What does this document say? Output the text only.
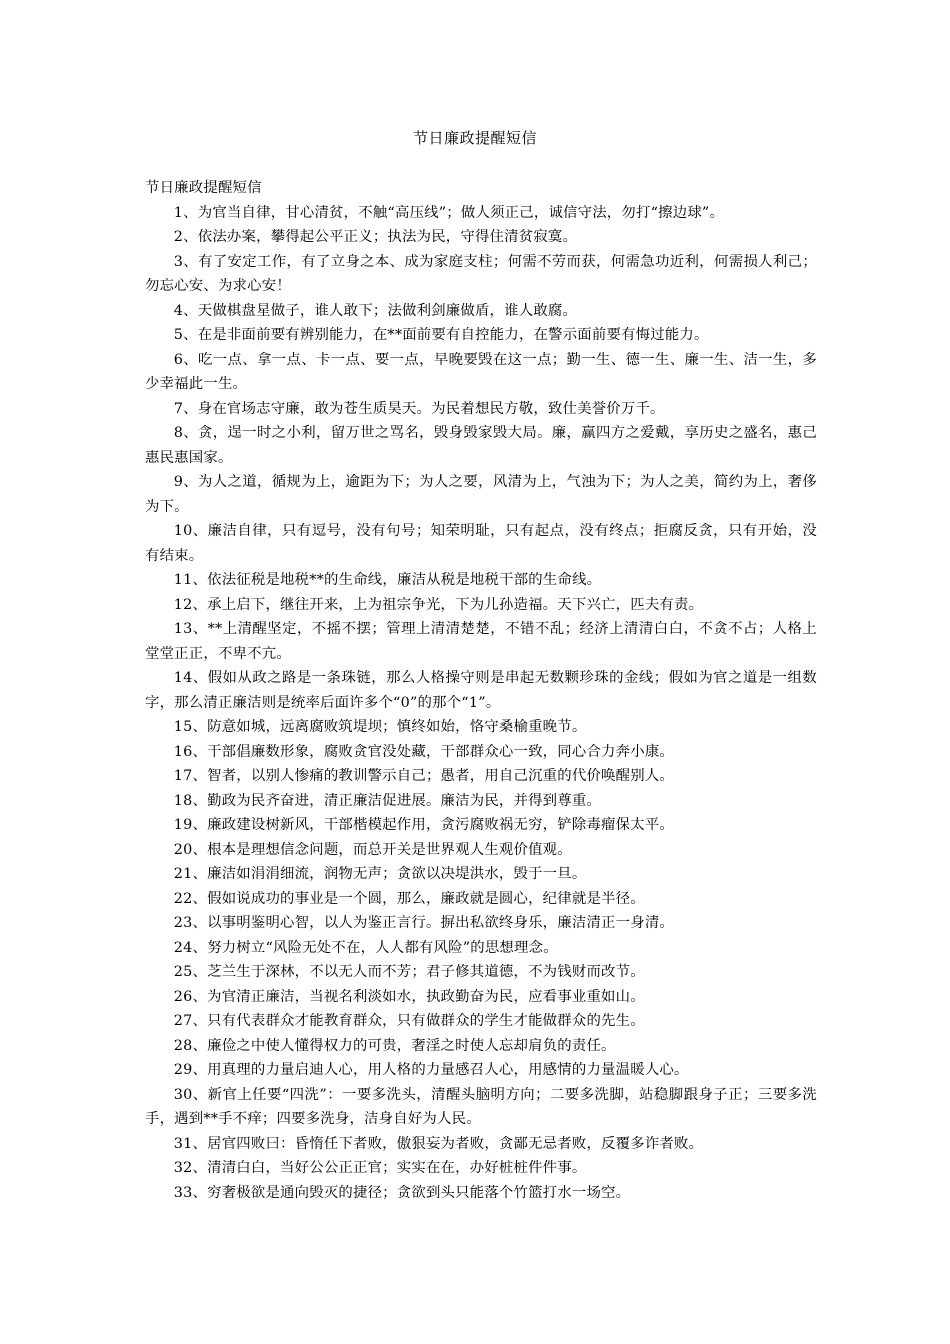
节日廉政提醒短信
节日廉政提醒短信
1、为官当自律，甘心清贫，不触“高压线”；做人须正己，诚信守法，勿打“擦边球”。
2、依法办案，攀得起公平正义；执法为民，守得住清贫寂寞。
3、有了安定工作，有了立身之本、成为家庭支柱；何需不劳而获，何需急功近利，何需损人利己；勿忘心安、为求心安！
4、天做棋盘星做子，谁人敢下；法做利剑廉做盾，谁人敢腐。
5、在是非面前要有辨别能力，在**面前要有自控能力，在警示面前要有悔过能力。
6、吃一点、拿一点、卡一点、要一点，早晚要毁在这一点；勤一生、德一生、廉一生、洁一生，多少幸福此一生。
7、身在官场志守廉，敢为苍生质昊天。为民着想民方敬，致仕美誉价万千。
8、贪，逞一时之小利，留万世之骂名，毁身毁家毁大局。廉，赢四方之爱戴，享历史之盛名，惠己惠民惠国家。
9、为人之道，循规为上，逾距为下；为人之要，风清为上，气浊为下；为人之美，简约为上，奢侈为下。
10、廉洁自律，只有逗号，没有句号；知荣明耻，只有起点，没有终点；拒腐反贪，只有开始，没有结束。
11、依法征税是地税**的生命线，廉洁从税是地税干部的生命线。
12、承上启下，继往开来，上为祖宗争光，下为儿孙造福。天下兴亡，匹夫有责。
13、**上清醒坚定，不摇不摆；管理上清清楚楚，不错不乱；经济上清清白白，不贪不占；人格上堂堂正正，不卑不亢。
14、假如从政之路是一条珠链，那么人格操守则是串起无数颗珍珠的金线；假如为官之道是一组数字，那么清正廉洁则是统率后面许多个“0”的那个“1”。
15、防意如城，远离腐败筑堤坝；慎终如始，恪守桑榆重晚节。
16、干部倡廉数形象，腐败贪官没处藏，干部群众心一致，同心合力奔小康。
17、智者，以别人惨痛的教训警示自己；愚者，用自己沉重的代价唤醒别人。
18、勤政为民齐奋进，清正廉洁促进展。廉洁为民，并得到尊重。
19、廉政建设树新风，干部楷模起作用，贪污腐败祸无穷，铲除毒瘤保太平。
20、根本是理想信念问题，而总开关是世界观人生观价值观。
21、廉洁如涓涓细流，润物无声；贪欲以决堤洪水，毁于一旦。
22、假如说成功的事业是一个圆，那么，廉政就是圆心，纪律就是半径。
23、以事明鉴明心智，以人为鉴正言行。摒出私欲终身乐，廉洁清正一身清。
24、努力树立“风险无处不在，人人都有风险”的思想理念。
25、芝兰生于深林，不以无人而不芳；君子修其道德，不为钱财而改节。
26、为官清正廉洁，当视名利淡如水，执政勤奋为民，应看事业重如山。
27、只有代表群众才能教育群众，只有做群众的学生才能做群众的先生。
28、廉俭之中使人懂得权力的可贵，奢淫之时使人忘却肩负的责任。
29、用真理的力量启迪人心，用人格的力量感召人心，用感情的力量温暖人心。
30、新官上任要“四洗”：一要多洗头，清醒头脑明方向；二要多洗脚，站稳脚跟身子正；三要多洗手，遇到**手不痒；四要多洗身，洁身自好为人民。
31、居官四败曰：昏惰任下者败，傲狠妄为者败，贪鄙无忌者败，反覆多诈者败。
32、清清白白，当好公公正正官；实实在在，办好桩桩件件事。
33、穷奢极欲是通向毁灭的捷径；贪欲到头只能落个竹篮打水一场空。
